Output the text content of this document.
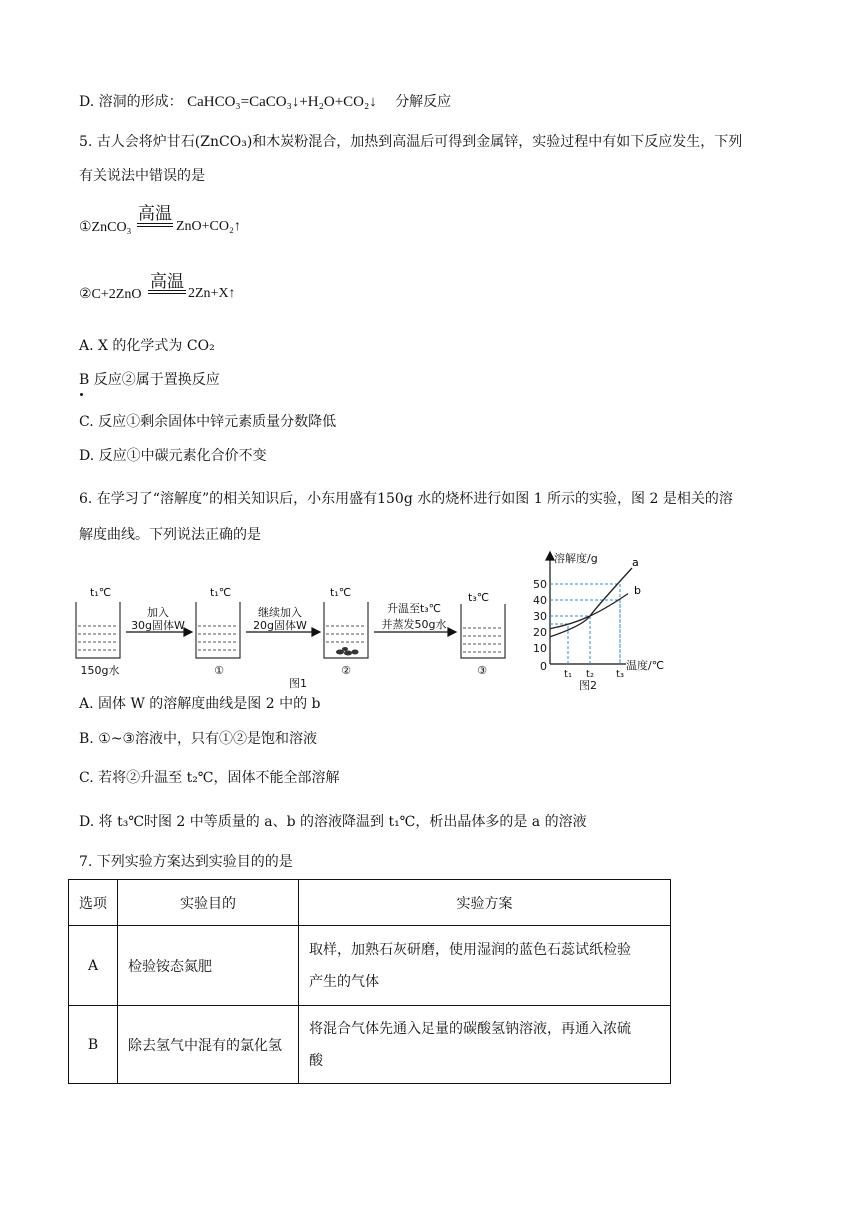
D. 溶洞的形成： CaHCO₃=CaCO₃↓+H₂O+CO₂↓ 分解反应
5. 古人会将炉甘石(ZnCO₃)和木炭粉混合，加热到高温后可得到金属锌，实验过程中有如下反应发生，下列
有关说法中错误的是
①ZnCO₃
高温
ZnO+CO₂↑
②C+2ZnO
高温
2Zn+X↑
A. X 的化学式为 CO₂
B 反应②属于置换反应
C. 反应①剩余固体中锌元素质量分数降低
D. 反应①中碳元素化合价不变
6. 在学习了“溶解度”的相关知识后，小东用盛有150g 水的烧杯进行如图 1 所示的实验，图 2 是相关的溶
解度曲线。下列说法正确的是
t₁℃	t₁℃	t₁℃	t₃℃
加入
30g固体W
继续加入
20g固体W
升温至t₃℃
并蒸发50g水
150g水	①	②	③
图1
溶解度/g
温度/℃
0
10
20
30
40
50
t₁ t₂ t₃
图2
a
b
A. 固体 W 的溶解度曲线是图 2 中的 b
B. ①~③溶液中，只有①②是饱和溶液
C. 若将②升温至 t₂℃，固体不能全部溶解
D. 将 t₃℃时图 2 中等质量的 a、b 的溶液降温到 t₁℃，析出晶体多的是 a 的溶液
7. 下列实验方案达到实验目的的是
选项	实验目的	实验方案
A	检验铵态氮肥	取样，加熟石灰研磨，使用湿润的蓝色石蕊试纸检验
产生的气体

B	除去氢气中混有的氯化氢	将混合气体先通入足量的碳酸氢钠溶液，再通入浓硫
酸
